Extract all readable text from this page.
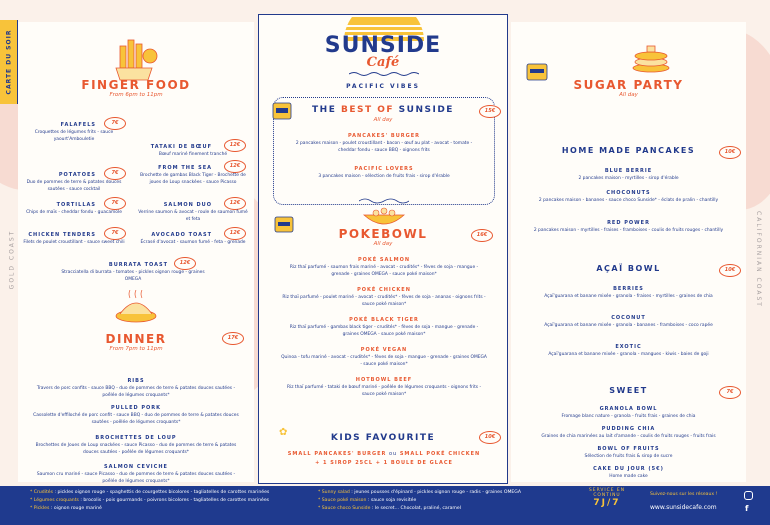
CARTE DU SOIR
GOLD COAST	CALIFORNIAN COAST
FINGER FOOD
From 6pm to 11pm
FALAFELS	7€
Croquettes de légumes frits - sauce yaourt'Ambouletie
POTATOES	7€
Duo de pommes de terre & patates douces sautées - sauce cocktail
TORTILLAS	7€
Chips de maïs - cheddar fondu - guacamole
CHICKEN TENDERS	7€
Filets de poulet croustillant - sauce sweet chili
TATAKI DE BŒUF	12€
Bœuf mariné finement tranché
FROM THE SEA	12€
Brochette de gambas Black Tiger - Brochette de joues de Loup snackées - sauce Picasso
SALMON DUO	12€
Verrine saumon & avocat - roule de saumon fumé et feta
AVOCADO TOAST	12€
Écrasé d'avocat - saumon fumé - feta - grenade
BURRATA TOAST	12€
Stracciatella di burrata - tomates - pickles oignon rouge - graines OMEGA
DINNER
From 7pm to 11pm
17€
RIBS
Travers de porc confits - sauce BBQ - duo de pommes de terre & patates douces sautées - poêlée de légumes croquants*
PULLED PORK
Cassolette d'effiloché de porc confit - sauce BBQ - duo de pommes de terre & patates douces sautées - poêlée de légumes croquants*
BROCHETTES DE LOUP
Brochettes de Joues de Loup snackées - sauce Picasso - duo de pommes de terre & patates douces sautées - poêlée de légumes croquants*
SALMON CEVICHE
Saumon cru mariné - sauce Picasso - duo de pommes de terre & patates douces sautées - poêlée de légumes croquants*
SUNSIDE
Café
PACIFIC VIBES
THE BEST OF SUNSIDE
All day
15€
PANCAKES' BURGER
2 pancakes maison - poulet croustillant - bacon - œuf au plat - avocat - tomate - cheddar fondu - sauce BBQ - oignons frits
PACIFIC LOVERS
3 pancakes maison - sélection de fruits frais - sirop d'érable
POKEBOWL
All day
16€
POKÉ SALMON
Riz thaï parfumé - saumon frais mariné - avocat - crudités* - fèves de soja - mangue - grenade - graines OMEGA - sauce poké maison*
POKÉ CHICKEN
Riz thaï parfumé - poulet mariné - avocat - crudités* - fèves de soja - ananas - oignons frits - sauce poké maison*
POKÉ BLACK TIGER
Riz thaï parfumé - gambas black tiger - crudités* - fèves de soja - mangue - grenade - graines OMEGA - sauce poké maison*
POKÉ VEGAN
Quinoa - tofu mariné - avocat - crudités* - fèves de soja - mangue - grenade - graines OMEGA - sauce poké maison*
HOTBOWL BEEF
Riz thaï parfumé - tataki de bœuf mariné - poêlée de légumes croquants - oignons frits - sauce poké maison*
✿	KIDS FAVOURITE	10€
SMALL PANCAKES' BURGER ou SMALL POKÉ CHICKEN
+ 1 SIROP 25CL + 1 BOULE DE GLACE
SUGAR PARTY
All day
HOME MADE PANCAKES	10€
BLUE BERRIE
2 pancakes maison - myrtilles - sirop d'érable
CHOCONUTS
2 pancakes maison - bananes - sauce choco Sunside* - éclats de pralin - chantilly
RED POWER
2 pancakes maison - myrtilles - fraises - framboises - coulis de fruits rouges - chantilly
AÇAÏ BOWL	10€
BERRIES
Açaï'guarana et banane mixée - granola - fraises - myrtilles - graines de chia
COCONUT
Açaï'guarana et banane mixée - granola - bananes - framboises - coco rapée
EXOTIC
Açaï'guarana et banane mixée - granola - mangues - kiwis - baies de goji
SWEET	7€
GRANOLA BOWL
Fromage blanc nature - granola - fruits frais - graines de chia
PUDDING CHIA
Graines de chia marinées au lait d'amande - coulis de fruits rouges - fruits frais
BOWL OF FRUITS
Sélection de fruits frais & sirop de sucre
CAKE DU JOUR (5€)
Home made cake
* Crudités : pickles oignon rouge - spaghettis de courgettes bicolores - tagliatelles de carottes marinées
* Légumes croquants : brocolis - pois gourmands - poivrons bicolores - tagliatelles de carottes marinées
* Pickles : oignon rouge mariné
* Sunny salad : jeunes pousses d'épinard - pickles oignon rouge - radis - graines OMEGA
* Sauce poké maison : sauce soja revisitée
* Sauce choco Sunside : le secret... Chocolat, praliné, caramel
SERVICE EN
CONTINU
7J/7
Suivez-nous sur les réseaux !
www.sunsidecafe.com	f
